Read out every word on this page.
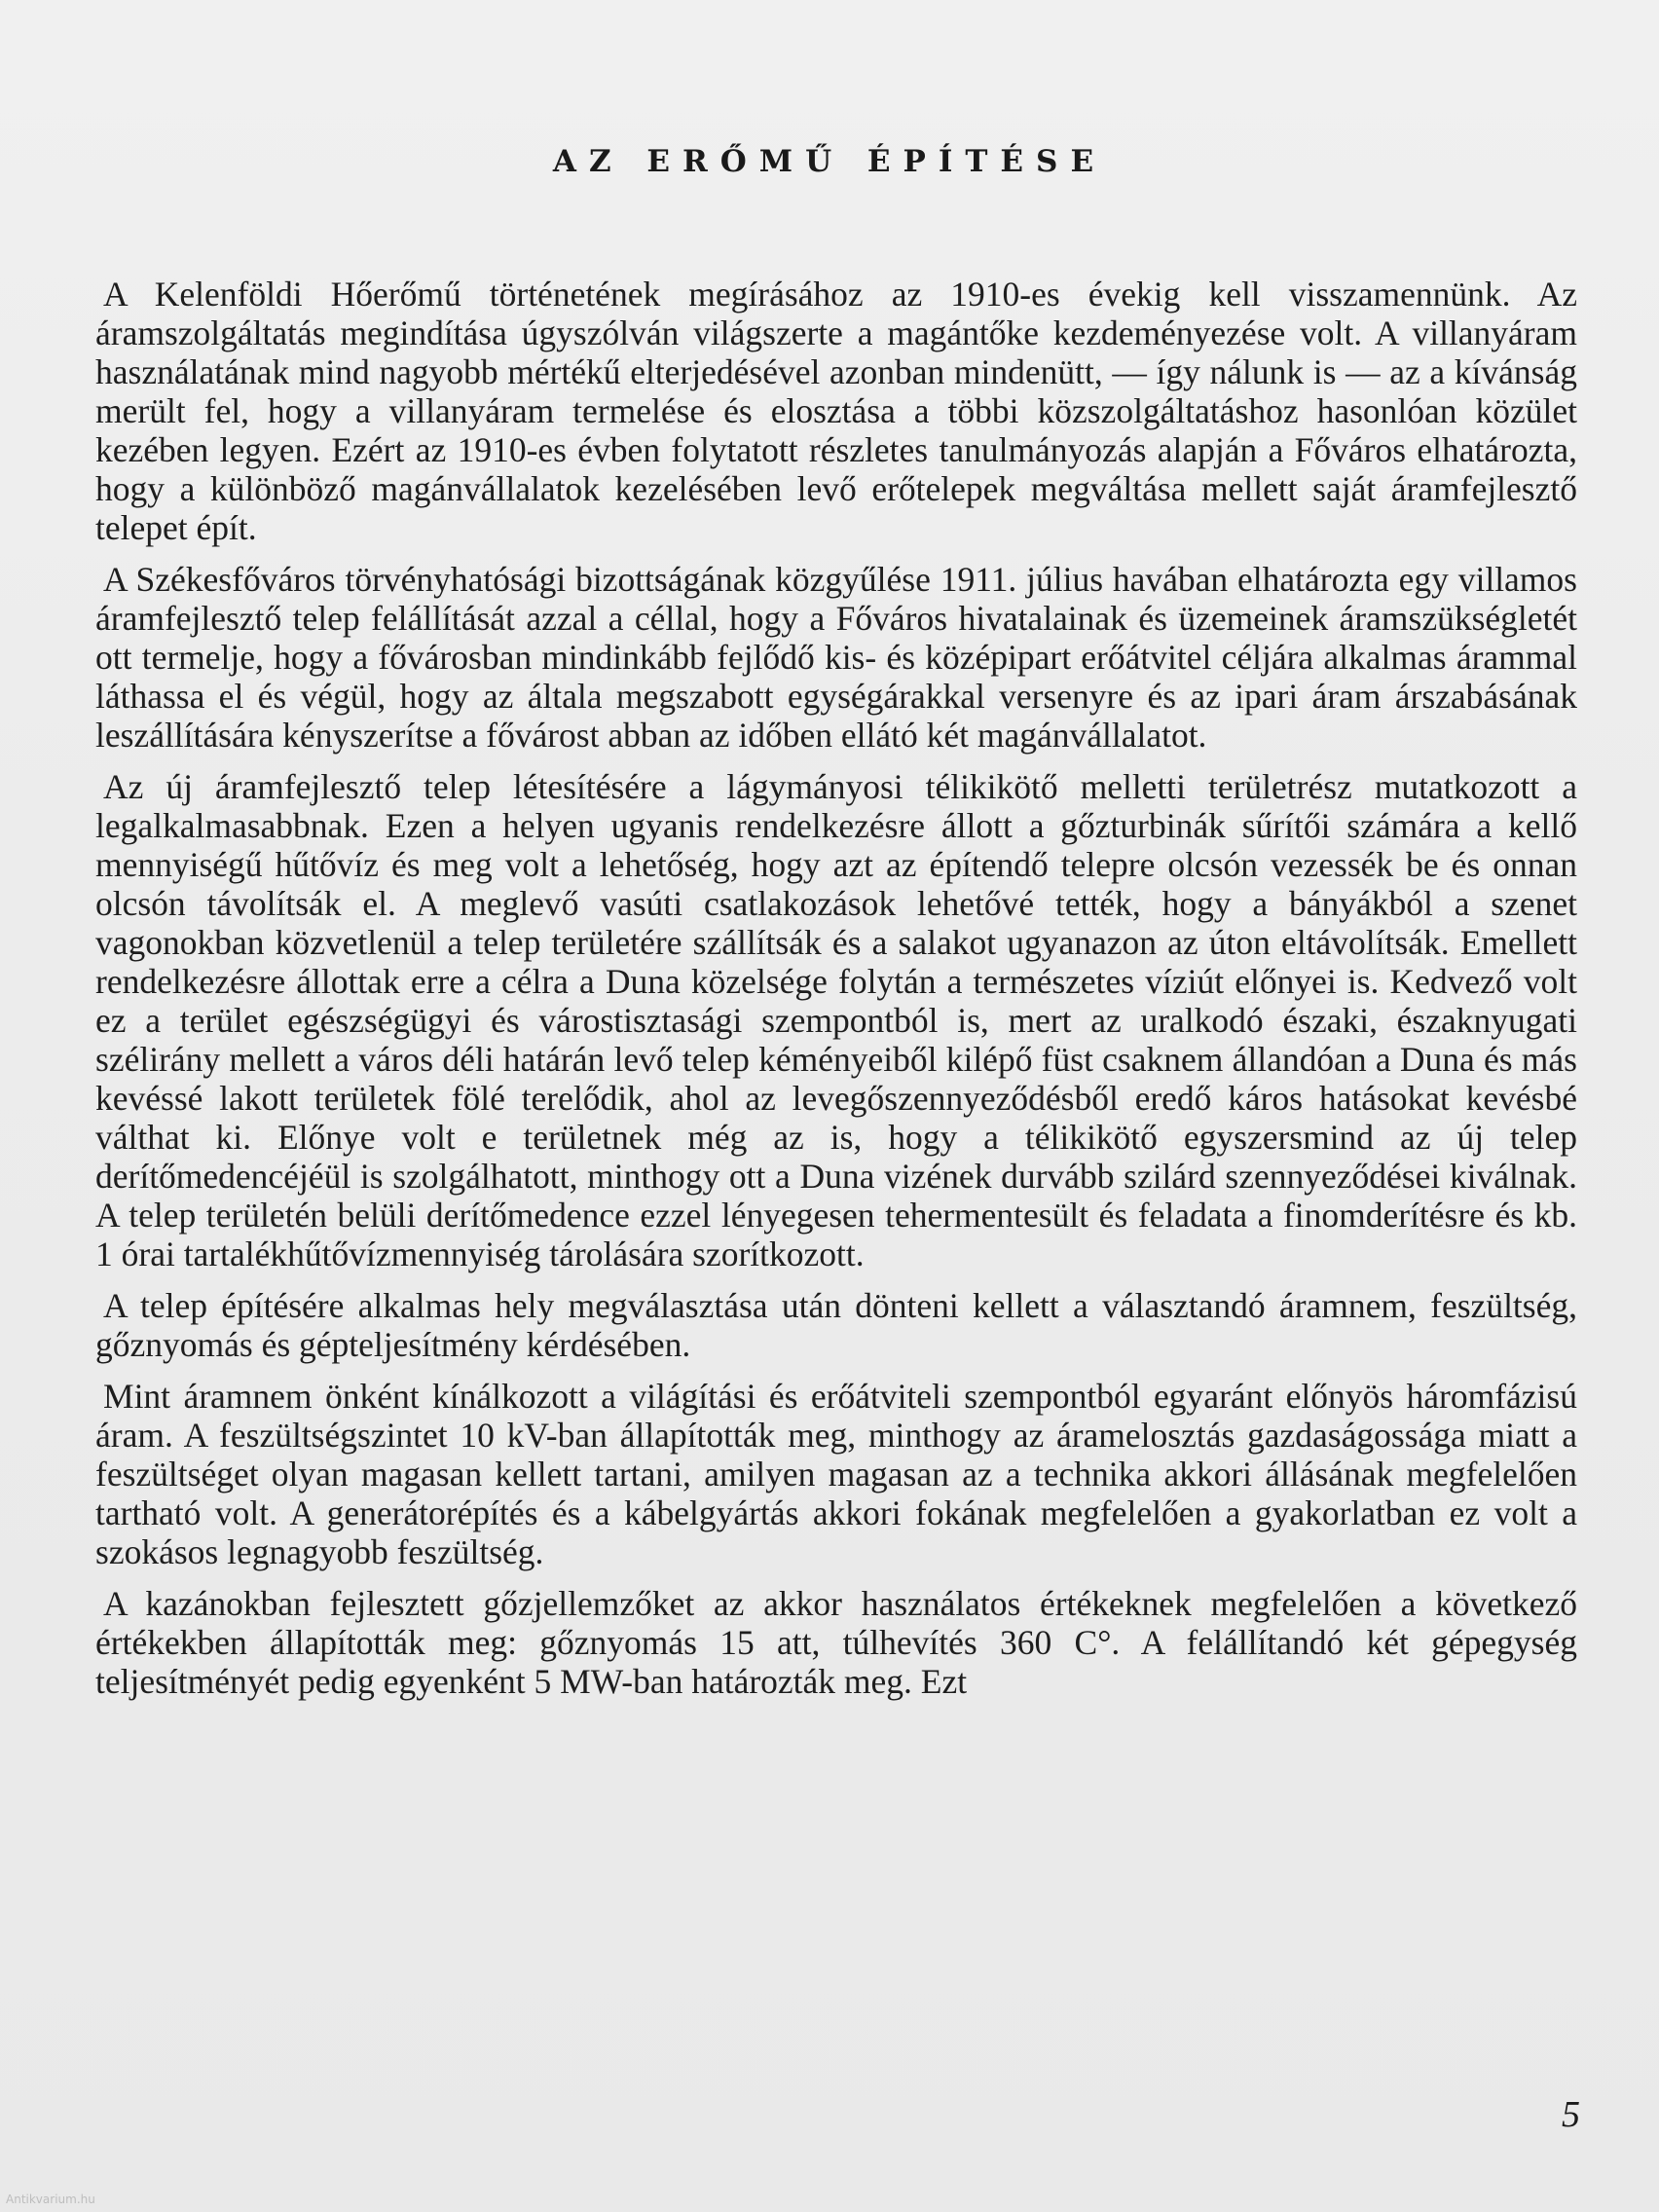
AZ ERŐMŰ ÉPÍTÉSE

A Kelenföldi Hőerőmű történetének megírásához az 1910-es évekig kell visszamennünk. Az áramszolgáltatás megindítása úgyszólván világszerte a magántőke kezdeményezése volt. A villanyáram használatának mind nagyobb mértékű elterjedésével azonban mindenütt, — így nálunk is — az a kívánság merült fel, hogy a villanyáram termelése és elosztása a többi közszolgáltatáshoz hasonlóan közület kezében legyen. Ezért az 1910-es évben folytatott részletes tanulmányozás alapján a Főváros elhatározta, hogy a különböző magánvállalatok kezelésében levő erőtelepek megváltása mellett saját áramfejlesztő telepet épít.

A Székesfőváros törvényhatósági bizottságának közgyűlése 1911. július havában elhatározta egy villamos áramfejlesztő telep felállítását azzal a céllal, hogy a Főváros hivatalainak és üzemeinek áramszükségletét ott termelje, hogy a fővárosban mindinkább fejlődő kis- és középipart erőátvitel céljára alkalmas árammal láthassa el és végül, hogy az általa megszabott egységárakkal versenyre és az ipari áram árszabásának leszállítására kényszerítse a fővárost abban az időben ellátó két magánvállalatot.

Az új áramfejlesztő telep létesítésére a lágymányosi télikikötő melletti területrész mutatkozott a legalkalmasabbnak. Ezen a helyen ugyanis rendelkezésre állott a gőzturbinák sűrítői számára a kellő mennyiségű hűtővíz és meg volt a lehetőség, hogy azt az építendő telepre olcsón vezessék be és onnan olcsón távolítsák el. A meglevő vasúti csatlakozások lehetővé tették, hogy a bányákból a szenet vagonokban közvetlenül a telep területére szállítsák és a salakot ugyanazon az úton eltávolítsák. Emellett rendelkezésre állottak erre a célra a Duna közelsége folytán a természetes víziút előnyei is. Kedvező volt ez a terület egészségügyi és várostisztasági szempontból is, mert az uralkodó északi, északnyugati szélirány mellett a város déli határán levő telep kéményeiből kilépő füst csaknem állandóan a Duna és más kevéssé lakott területek fölé terelődik, ahol az levegőszennyeződésből eredő káros hatásokat kevésbé válthat ki. Előnye volt e területnek még az is, hogy a télikikötő egyszersmind az új telep derítőmedencéjéül is szolgálhatott, minthogy ott a Duna vizének durvább szilárd szennyeződései kiválnak. A telep területén belüli derítőmedence ezzel lényegesen tehermentesült és feladata a finomderítésre és kb. 1 órai tartalékhűtővízmennyiség tárolására szorítkozott.

A telep építésére alkalmas hely megválasztása után dönteni kellett a választandó áramnem, feszültség, gőznyomás és gépteljesítmény kérdésében.

Mint áramnem önként kínálkozott a világítási és erőátviteli szempontból egyaránt előnyös háromfázisú áram. A feszültségszintet 10 kV-ban állapították meg, minthogy az áramelosztás gazdaságossága miatt a feszültséget olyan magasan kellett tartani, amilyen magasan az a technika akkori állásának megfelelően tartható volt. A generátorépítés és a kábelgyártás akkori fokának megfelelően a gyakorlatban ez volt a szokásos legnagyobb feszültség.

A kazánokban fejlesztett gőzjellemzőket az akkor használatos értékeknek megfelelően a következő értékekben állapították meg: gőznyomás 15 att, túlhevítés 360 C°. A felállítandó két gépegység teljesítményét pedig egyenként 5 MW-ban határozták meg. Ezt

5
Antikvarium.hu
